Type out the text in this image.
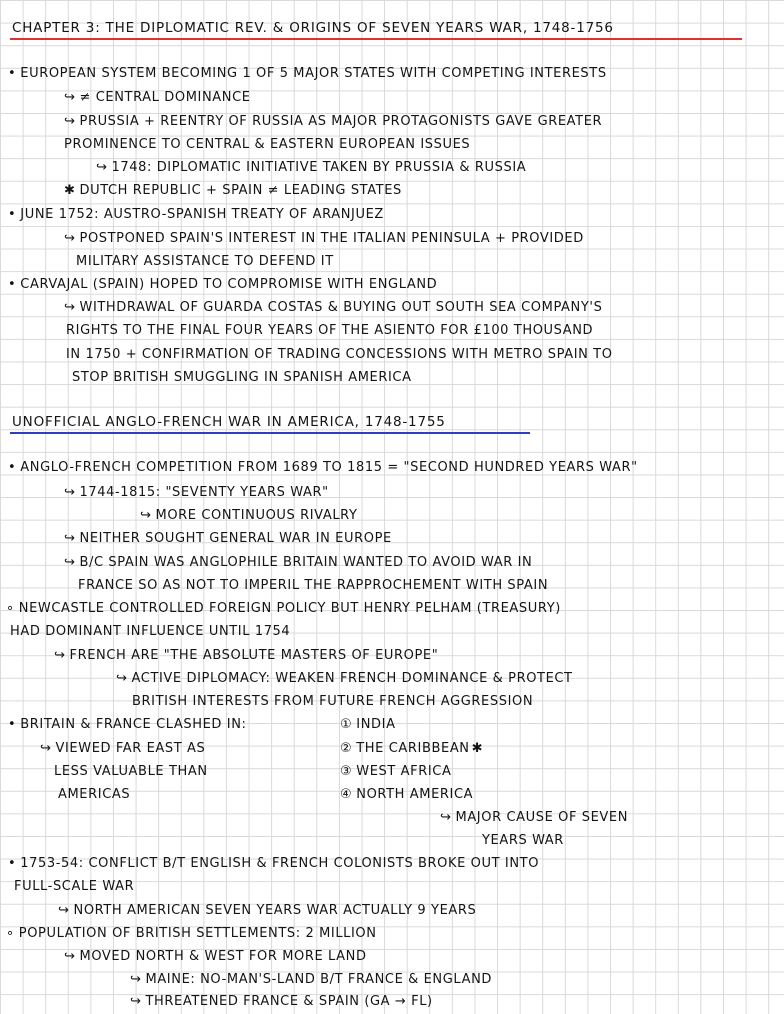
CHAPTER 3: THE DIPLOMATIC REV. & ORIGINS OF SEVEN YEARS WAR, 1748-1756
• EUROPEAN SYSTEM BECOMING 1 OF 5 MAJOR STATES WITH COMPETING INTERESTS
↪ ≠ CENTRAL DOMINANCE
↪ PRUSSIA + REENTRY OF RUSSIA AS MAJOR PROTAGONISTS GAVE GREATER
PROMINENCE TO CENTRAL & EASTERN EUROPEAN ISSUES
↪ 1748: DIPLOMATIC INITIATIVE TAKEN BY PRUSSIA & RUSSIA
✱ DUTCH REPUBLIC + SPAIN ≠ LEADING STATES
• JUNE 1752: AUSTRO-SPANISH TREATY OF ARANJUEZ
↪ POSTPONED SPAIN'S INTEREST IN THE ITALIAN PENINSULA + PROVIDED
MILITARY ASSISTANCE TO DEFEND IT
• CARVAJAL (SPAIN) HOPED TO COMPROMISE WITH ENGLAND
↪ WITHDRAWAL OF GUARDA COSTAS & BUYING OUT SOUTH SEA COMPANY'S
RIGHTS TO THE FINAL FOUR YEARS OF THE ASIENTO FOR £100 THOUSAND
IN 1750 + CONFIRMATION OF TRADING CONCESSIONS WITH METRO SPAIN TO
STOP BRITISH SMUGGLING IN SPANISH AMERICA
UNOFFICIAL ANGLO-FRENCH WAR IN AMERICA, 1748-1755
• ANGLO-FRENCH COMPETITION FROM 1689 TO 1815 = "SECOND HUNDRED YEARS WAR"
↪ 1744-1815: "SEVENTY YEARS WAR"
↪ MORE CONTINUOUS RIVALRY
↪ NEITHER SOUGHT GENERAL WAR IN EUROPE
↪ B/C SPAIN WAS ANGLOPHILE BRITAIN WANTED TO AVOID WAR IN
FRANCE SO AS NOT TO IMPERIL THE RAPPROCHEMENT WITH SPAIN
∘ NEWCASTLE CONTROLLED FOREIGN POLICY BUT HENRY PELHAM (TREASURY)
HAD DOMINANT INFLUENCE UNTIL 1754
↪ FRENCH ARE "THE ABSOLUTE MASTERS OF EUROPE"
↪ ACTIVE DIPLOMACY: WEAKEN FRENCH DOMINANCE & PROTECT
BRITISH INTERESTS FROM FUTURE FRENCH AGGRESSION
• BRITAIN & FRANCE CLASHED IN:	① INDIA
② THE CARIBBEAN ✱
③ WEST AFRICA
④ NORTH AMERICA
↪ VIEWED FAR EAST AS
LESS VALUABLE THAN
AMERICAS
↪ MAJOR CAUSE OF SEVEN
YEARS WAR
• 1753-54: CONFLICT B/T ENGLISH & FRENCH COLONISTS BROKE OUT INTO
FULL-SCALE WAR
↪ NORTH AMERICAN SEVEN YEARS WAR ACTUALLY 9 YEARS
∘ POPULATION OF BRITISH SETTLEMENTS: 2 MILLION
↪ MOVED NORTH & WEST FOR MORE LAND
↪ MAINE: NO-MAN'S-LAND B/T FRANCE & ENGLAND
↪ THREATENED FRANCE & SPAIN (GA → FL)
